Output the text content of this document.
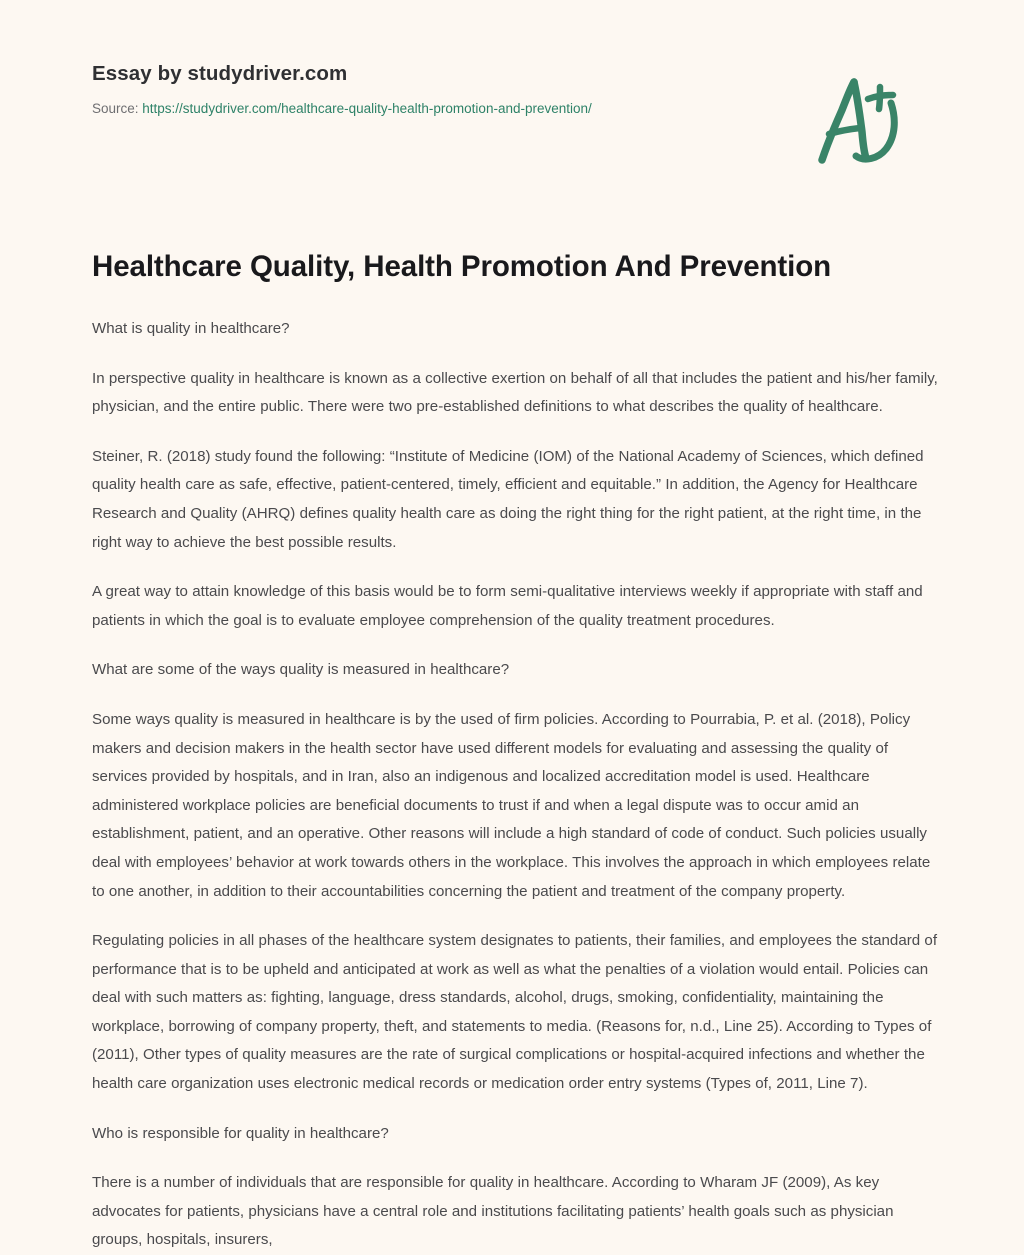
Essay by studydriver.com
Source: https://studydriver.com/healthcare-quality-health-promotion-and-prevention/
Healthcare Quality, Health Promotion And Prevention

What is quality in healthcare?

In perspective quality in healthcare is known as a collective exertion on behalf of all that includes the patient and his/her family, physician, and the entire public. There were two pre-established definitions to what describes the quality of healthcare.

Steiner, R. (2018) study found the following: “Institute of Medicine (IOM) of the National Academy of Sciences, which defined quality health care as safe, effective, patient-centered, timely, efficient and equitable.” In addition, the Agency for Healthcare Research and Quality (AHRQ) defines quality health care as doing the right thing for the right patient, at the right time, in the right way to achieve the best possible results.

A great way to attain knowledge of this basis would be to form semi-qualitative interviews weekly if appropriate with staff and patients in which the goal is to evaluate employee comprehension of the quality treatment procedures.

What are some of the ways quality is measured in healthcare?

Some ways quality is measured in healthcare is by the used of firm policies. According to Pourrabia, P. et al. (2018), Policy makers and decision makers in the health sector have used different models for evaluating and assessing the quality of services provided by hospitals, and in Iran, also an indigenous and localized accreditation model is used. Healthcare administered workplace policies are beneficial documents to trust if and when a legal dispute was to occur amid an establishment, patient, and an operative. Other reasons will include a high standard of code of conduct. Such policies usually deal with employees’ behavior at work towards others in the workplace. This involves the approach in which employees relate to one another, in addition to their accountabilities concerning the patient and treatment of the company property.

Regulating policies in all phases of the healthcare system designates to patients, their families, and employees the standard of performance that is to be upheld and anticipated at work as well as what the penalties of a violation would entail. Policies can deal with such matters as: fighting, language, dress standards, alcohol, drugs, smoking, confidentiality, maintaining the workplace, borrowing of company property, theft, and statements to media. (Reasons for, n.d., Line 25). According to Types of (2011), Other types of quality measures are the rate of surgical complications or hospital-acquired infections and whether the health care organization uses electronic medical records or medication order entry systems (Types of, 2011, Line 7).

Who is responsible for quality in healthcare?

There is a number of individuals that are responsible for quality in healthcare. According to Wharam JF (2009), As key advocates for patients, physicians have a central role and institutions facilitating patients’ health goals such as physician groups, hospitals, insurers,
